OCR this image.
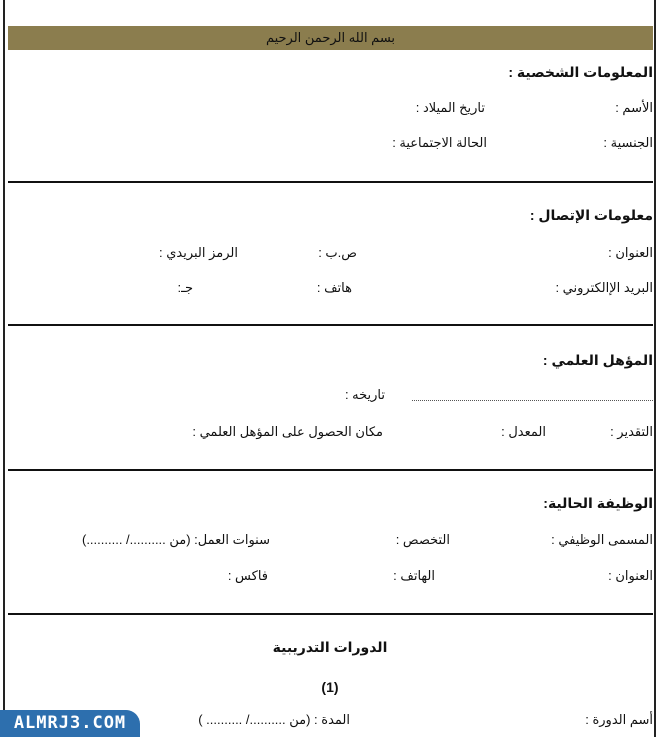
بسم الله الرحمن الرحيم
المعلومات الشخصية :
الأسم :
تاريخ الميلاد :
الجنسية :
الحالة الاجتماعية :
معلومات الإتصال :
العنوان :
ص.ب :
الرمز البريدي :
البريد الإالكتروني :
هاتف :
جـ:
المؤهل العلمي :
تاريخه :
التقدير :
المعدل :
مكان الحصول على المؤهل العلمي :
الوظيفة الحالية:
المسمى الوظيفي :
التخصص :
سنوات العمل: (من ........../ ..........)
العنوان :
الهاتف :
فاكس :
الدورات التدريبية
(1)
أسم الدورة :
المدة : (من ........../ .......... )
ALMRJ3.COM
